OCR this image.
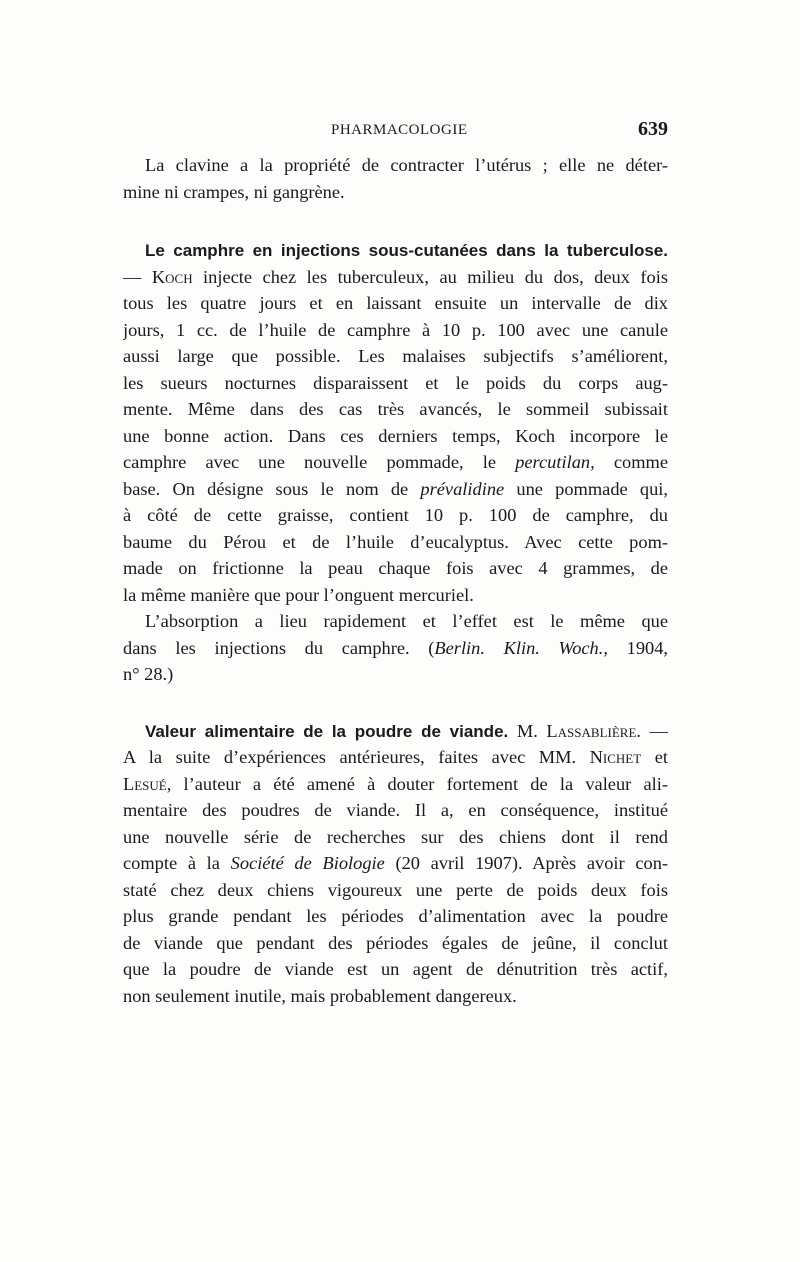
PHARMACOLOGIE	639
La clavine a la propriété de contracter l’utérus ; elle ne déter-
mine ni crampes, ni gangrène.
Le camphre en injections sous-cutanées dans la tuberculose.
— Koch injecte chez les tuberculeux, au milieu du dos, deux fois
tous les quatre jours et en laissant ensuite un intervalle de dix
jours, 1 cc. de l’huile de camphre à 10 p. 100 avec une canule
aussi large que possible. Les malaises subjectifs s’améliorent,
les sueurs nocturnes disparaissent et le poids du corps aug-
mente. Même dans des cas très avancés, le sommeil subissait
une bonne action. Dans ces derniers temps, Koch incorpore le
camphre avec une nouvelle pommade, le percutilan, comme
base. On désigne sous le nom de prévalidine une pommade qui,
à côté de cette graisse, contient 10 p. 100 de camphre, du
baume du Pérou et de l’huile d’eucalyptus. Avec cette pom-
made on frictionne la peau chaque fois avec 4 grammes, de
la même manière que pour l’onguent mercuriel.
L’absorption a lieu rapidement et l’effet est le même que
dans les injections du camphre. (Berlin. Klin. Woch., 1904,
n° 28.)
Valeur alimentaire de la poudre de viande. M. Lassablière. —
A la suite d’expériences antérieures, faites avec MM. Nichet et
Lesué, l’auteur a été amené à douter fortement de la valeur ali-
mentaire des poudres de viande. Il a, en conséquence, institué
une nouvelle série de recherches sur des chiens dont il rend
compte à la Société de Biologie (20 avril 1907). Après avoir con-
staté chez deux chiens vigoureux une perte de poids deux fois
plus grande pendant les périodes d’alimentation avec la poudre
de viande que pendant des périodes égales de jeûne, il conclut
que la poudre de viande est un agent de dénutrition très actif,
non seulement inutile, mais probablement dangereux.
